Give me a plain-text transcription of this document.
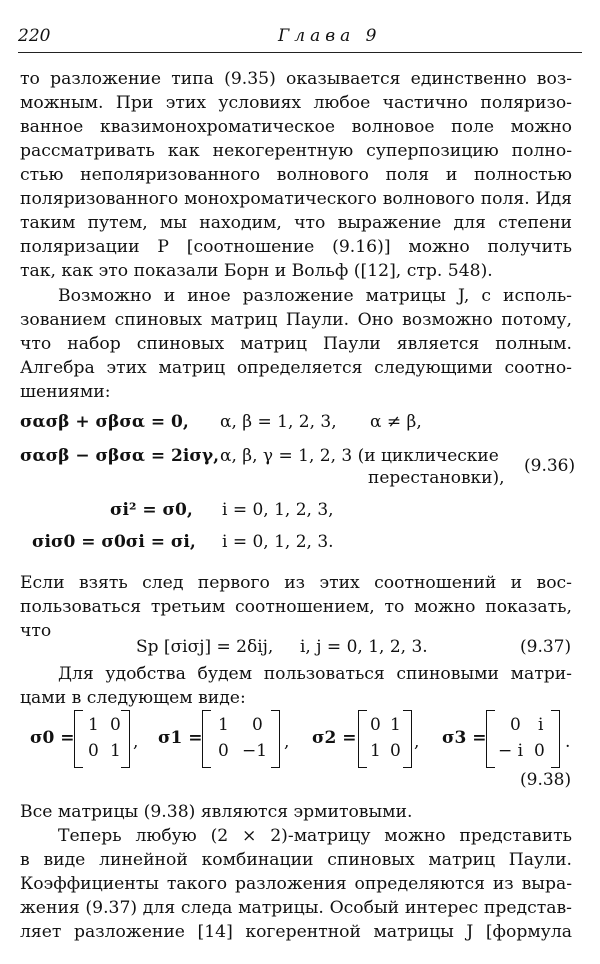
220	Глава 9
то разложение типа (9.35) оказывается единственно воз-
можным. При этих условиях любое частично поляризо-
ванное квазимонохроматическое волновое поле можно
рассматривать как некогерентную суперпозицию полно-
стью неполяризованного волнового поля и полностью
поляризованного монохроматического волнового поля. Идя
таким путем, мы находим, что выражение для степени
поляризации P [соотношение (9.16)] можно получить
так, как это показали Борн и Вольф ([12], стр. 548).
Возможно и иное разложение матрицы J, с исполь-
зованием спиновых матриц Паули. Оно возможно потому,
что набор спиновых матриц Паули является полным.
Алгебра этих матриц определяется следующими соотно-
шениями:
σασβ + σβσα = 0, α, β = 1, 2, 3, α ≠ β,
σασβ − σβσα = 2iσγ, α, β, γ = 1, 2, 3 (и циклические
перестановки),
σi² = σ0, i = 0, 1, 2, 3,
σiσ0 = σ0σi = σi, i = 0, 1, 2, 3.
(9.36)
Если взять след первого из этих соотношений и вос-
пользоваться третьим соотношением, то можно показать,
что
Sp [σiσj] = 2δij, i, j = 0, 1, 2, 3.	(9.37)
Для удобства будем пользоваться спиновыми матри-
цами в следующем виде:
σ0 =
1 0
0 1 , σ1 =
1 0
0 −1 , σ2 =
0 1
1 0 , σ3 =
0 i
− i 0 .
(9.38)
Все матрицы (9.38) являются эрмитовыми.
Теперь любую (2 × 2)-матрицу можно представить
в виде линейной комбинации спиновых матриц Паули.
Коэффициенты такого разложения определяются из выра-
жения (9.37) для следа матрицы. Особый интерес представ-
ляет разложение [14] когерентной матрицы J [формула
